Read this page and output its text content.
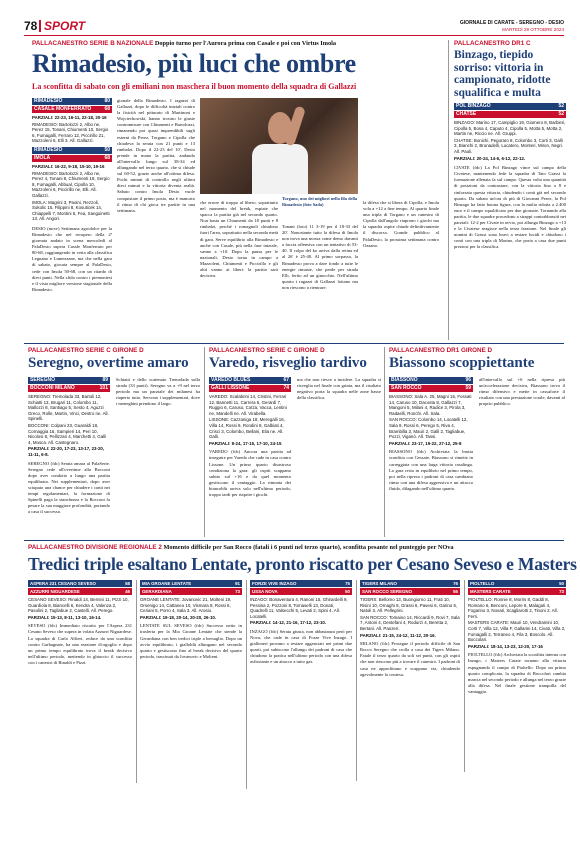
78 SPORT	GIORNALE DI CARATE - SEREGNO - DESIO
MARTEDÌ 29 OTTOBRE 2024
PALLACANESTRO SERIE B NAZIONALE Doppio turno per l'Aurora prima con Casale e poi con Virtus Imola
Rimadesio, più luci che ombre
La sconfitta di sabato con gli emiliani non maschera il buon momento della squadra di Gallazzi
RIMADESIO	80
CASALE MONFERRATO	68
PARZIALI: 22-23, 16-11, 22-18, 20-16
RIMADESIO: Bartolozzi 2, Albo ne, Perez 15, Tonani, Chiumenti 10, Sergio 6, Fumagalli, Ferraro 12, Piccirillo 21, Mazzoleni 6, Elli 3. All. Gallazzi.
RIMADESIO	50
IMOLA	68
PARZIALI: 16-22, 9-18, 15-10, 19-16
RIMADESIO: Bartolozzi 2, Albo ne, Perez 4, Tonani 8, Chiumenti 18, Sergio 8, Fumagalli, Abbual, Cipolla 10, Mazzoleni 6, Piccirillo ne, Elli. All. Gallazzi.
IMOLA: Magrini 3, Paoini, Rezzoli, Sokolic 15, Filippini 8, Kosuticek 14, Chiappelli 7, Montini 6, Fea, Sanguinetti 13. All. Angori.
DESIO (mrsv) Settimana agrodolce per la Rimadesio che nel recupero della 2ª giornata andato in scena mercoledì al PalaDesio supera Casale Monferrato per 80-68, raggiungendo in vetta alla classifica Legnano e Lumezzane, ma che nella gara di sabato, giocata sempre al PalaDesio, cede con Imola 50-68, con un ritardo di dieci punti. Nella sfida contro i piemontesi e il vista migliore versione stagionale della Rimadesio.
gionale della Rimadesio. I ragazzi di Gallazzi, dopo le difficoltà iniziali contro la fisicità nel pitturato di Martinoni e Wojciechowski, hanno trovato le giuste contromisure con Chiumenti e Bartolozzi, rimanendo poi quasi imprendibili sugli esterni da Perez, Torgano e Cipolla che chiudeva la serata con 21 punti e 13 rimbalzi. Dopo il 22-23 del 10', Desio prende in mano la partita, andando all'intervallo lungo sul 38-34 ed allungando nel terzo quarto, che si chiude sul 60-52, grazie anche all'ottima difesa. Pochi minuti di controllo negli ultimi dieci minuti e la vittoria diventa realtà. Sabato contro Imola Desio vuole conquistare il primo posto, ma è mancato il ritmo di chi gioca tre partite in una settimana.
che errore di troppo al libero, soprattutto nel momento del break, espiate che spacca la partita già nel secondo quarto. Non basta un Chiumenti da 18 punti e 8 rimbalzi, perché i romagnoli chiudono fuori l'area, soprattutto nella seconda metà di gara. Serve equilibrio alla Rimadesio e anche con Casale, più nella fase iniziale, vanno a +10. Dopo la pausa per le nazionali, Desio torna in campo a Mazzoleni, Chiumenti e Piccirillo e gli altri vanno ai liberi: la partita sarà decisiva.
Torgano, uno dei migliori nella fila della Rimadesio (foto Sada)
Tonani (foto) 11 3-19 per il 18-33 del 20'. Nonostante tutto la difesa di Imola non trova una mossa come demo davanti a faccia offensiva con un tentativo di 53-40. Il colpo del ko arriva dalla retina ed al 26' è 25-40. Al primo sorpasso, la Rimadesio prova a dare fondo a tutte le energie rimaste, che perde per strada Elli, ferito ad un ginocchio. Nell'ultimo quarto i ragazzi di Gallazzi lottano ma non riescono a rientrare.
la difesa che si libera di Cipolla, e Imola vola a +12 a fine tempo. Al quarto finale una tripla di Torgano e un canestro di Cipolla dall'angolo riaprono i giochi ma la squadra ospite chiude definitivamente il discorso. Grande pubblico al PalaDesio, la prossima settimana contro Ozzano.
PALLACANESTRO DR1 C
Binzago, tiepido sorriso: vittoria in campionato, ridotte squalifica e multa
POL BINZAGO	52
CHATSE	52
BINZAGO: Marino 17, Campiglio 19, Giomero 8, Barbieri, Cipolla 5, Bosa 4, Caputo 4, Cipolla 5, Motta 5, Motta 2, Martin ne, Riccio ne. All. Gruppi.
CHATSE: Bonichi, Pegoraro 8, Colombo 3, Corti 3, Galli 3, Bianchi 2, Brunadelli, Lucatero, Monteri, Miron, Negri. All. Paoli.
PARZIALI: 20-24, 14-6, 6-12, 22-12.
CIVATE (fdc) La Pol Binzago vince sul campo della Civatese, mantenendo fede la squadra di Tato Grassi la formazione allenata fa sul campo. Questa volta una quantità di posizioni da contrastare, con la vittoria fino a 8 e rinforzata questa vittoria, chiudendo i conti già nel secondo quarto. Da sabato un'ora di più di Giovanni Perez, la Pol Binzago ha fatto buona figura, con la multa ridotta a 2.400 euro e il campo squalificato per due giornate. Tornando alla partita, le due squadre procedono a strappi contrabbassiti nei parziali: 12-2 per Civate in avvio, poi allunga Binzago a +13 e la Civatese reagisce nella terza frazione. Nel finale gli uomini di Grassi sono bravi a restare lucidi e chiudono i conti con una tripla di Marino, che porta a casa due punti preziosi per la classifica.
PALLACANESTRO SERIE C GIRONE D
Seregno, overtime amaro
SEREGNO	89
BOCCONI MILANO	101
SEREGNO: Tremolada 33, Bartoli 12, Schiatti 13, Brugari 11, Colombo 11, Mallozzi 8, Santiago 5, Sesto 4, Aguzzi Greco, Rolle, Martin, Vinci, Destro ne. All. Spinelli.
BOCCONI: Colpani 23, Guaraldi 18, Cornaggia 16, Sampieri 14, Peri 10, Nicolosi 8, Pellizzari 4, Marchetti 4, Galli 4, Mosca. All. Castegnaro.
PARZIALI: 22-20, 17-23, 13-17, 23-20, 11-11, 6-8.
SEREGNO (fdc) Serata amara al PalaSerte. Seregno cede all'overtime alla Bocconi dopo aver condotto a lungo una partita equilibrata. Nei supplementari, dopo aver sciupato una chance per chiudere i conti nei tempi regolamentari, la formazione di Spinelli paga la stanchezza e la Bocconi fa pesare la sua maggiore profondità, portando a casa il successo.
Schiatti e dello scatenato Tremolada sulla strada (33 punti). Seregno va a +9 nel terzo periodo ma un parziale dei milanesi ha riaperto tutto. Servono i supplementari, dove i meneghini prendono il largo.
PALLACANESTRO SERIE C GIRONE D
Varedo, risveglio tardivo
VAREDO BLUES	67
GALLI LISSONE	74
VAREDO: Scalabrini 14, Cristini, Ferrari 12, Bannetti 11, Carrera 6, Gerardi 7, Ruggio 6, Caruso, Cotza, Vacca, Lentini ne, Mandelli ne. All. Virabella.
LISSONE: Cazzaniga 18, Meregalli 16, Villa 14, Rossi 9, Rondini 8, Galbiati 4, Crisci 3, Colombo, Bellani, Elia ne. All. Galli.
PARZIALI: 8-24, 17-15, 17-10, 24-15
VAREDO (fdc) Ancora una partita ad inseguire per Varedo che cade in casa contro Lissone. Un primo quarto disastroso condiziona la gara: gli ospiti scappano subito sul +16 e da quel momento gestiscono il vantaggio. La rimonta dei biancoblù arriva solo nell'ultimo periodo, troppo tardi per riaprire i giochi.
ma che non riesce a incidere. La squadra si risveglia nel finale con grinta, ma il risultato negativo porta la squadra nelle zone basse della classifica.
PALLACANESTRO DR1 GIRONE D
Biassono scoppiettante
BIASSONO	96
SAN ROCCO	59
BIASSONO: Sala A. 25, Magni 15, Fossati 14, Caruso 10, Dacosta 8, Gallazzi 7, Mangoni 5, Milani 4, Radice 3, Pirola 3, Radaelli, Ronchi. All. Sala.
SAN ROCCO: Colombo 14, Locatelli 12, Sala 9, Rossi 6, Perego 5, Riva 4, Brambilla 3, Mauri 2, Galli 2, Tagliabue, Pozzi, Viganò. All. Tassi.
PARZIALI: 23-17, 19-22, 27-12, 25-8
BIASSONO (fdc) Archiviata la brutta sconfitta con Gessate, Biassono si rimette in carreggiata con una larga vittoria casalinga. La gara resta in equilibrio nel primo tempo, poi nella ripresa i padroni di casa cambiano ritmo con una difesa aggressiva e un attacco fluido, dilagando nell'ultimo quarto.
all'intervallo sul +6 nella ripresa più un'accelerazione decisiva, Biassono trova il ritmo difensivo e mette in cassaforte il risultato con una prestazione corale, davanti al proprio pubblico.
PALLACANESTRO DIVISIONE REGIONALE 2 Momento difficile per San Rocco (fatali i 6 punti nel terzo quarto), sconfitta pesante nel punteggio per NOva
Tredici triple esaltano Lentate, pronto riscatto per Cesano Seveso e Masters
ASPERA 231 CESANO SEVESO	58
AZZURRI NIGUARDESE	46
CESANO SEVESO: Rinaldi 14, Bernini 11, Pizzi 10, Guardiola 8, Biancelli 6, Kendra 4, Valenza 2, Pasolini 2, Tagliabue 2, Castelli. All. Perego.
PARZIALI: 15-13, 8-11, 13-10, 16-14.
SEVESO (fdc) Immediato riscatto per l'Aspera 231 Cesano Seveso che supera in volata Azzurri Niguardese. La squadra di Carlo Alfieri, reduce da una sconfitta contro Garbagnate, ha una reazione d'orgoglio e dopo un primo tempo equilibrato trova il break decisivo nell'ultimo periodo, mettendo in ghiaccio il successo con i canestri di Rinaldi e Pizzi.
MIA GROANE LENTATE	91
GERARDIANA	73
GROANE LENTATE: Jovanovic 21, Molteni 19, Orsenigo 14, Cattaneo 10, Vismara 9, Rossi 6, Ceriani 5, Porro 4, Sala 3. All. Arosio.
PARZIALI: 19-18, 20-14, 20-20, 26-10.
LENTATE SUL SEVESO (fdc) Successo netto in trasferta per la Mia Groane Lentate che stende la Gerardiana con ben tredici triple a bersaglio. Dopo un avvio equilibrato, i gialloblù allungano nel secondo quarto e gestiscono fino al break decisivo del quarto periodo, trascinati da Jovanovic e Molteni.
FORZE VIVE INZAGO	75
USSA NOVA	50
INZAGO: Bonaventura 4, Ranoni 15, Ghirardelli 9, Pessina 2, Pozzoni 8, Tomaselli 13, Donati, Quadrelli 11, Valsecchi 5, Levati 2, Spini 4. All. Locatelli.
PARZIALI: 14-12, 21-16, 17-12, 23-10.
INZAGO (fdc) Serata giusta, non abbastanza però per Nova, che cade in casa di Forze Vive Inzago. I gialloneri provano a restare agganciati nei primi due quarti, poi subiscono l'allungo dei padroni di casa che chiudono la pratica nell'ultimo periodo con una difesa asfissiante e un attacco a tutto gas.
TIGERS MILANO	76
SAN ROCCO SEREGNO	55
TIGERS: Bellomo 13, Buongiorno 11, Frati 10, Risini 10, Ornaghi 8, Grassi 6, Pavesi 6, Garino 5, Natoli 3. All. Pellegrini.
SAN ROCCO: Tomaino 14, Riccardi 9, Rovi 7, Sala 7, Antoni 4, Destefani 4, Rodurzi 4, Beretta 2, Bertani. All. Panzeri.
PARZIALI: 21-15, 24-12, 11-12, 20-16.
MILANO (fdc) Prosegue il periodo difficile di San Rocco Seregno che crolla a casa dei Tigers Milano. Fatale il terzo quarto da soli sei punti, con gli ospiti che non riescono più a trovare il canestro. I padroni di casa ne approfittano e scappano via, chiudendo agevolmente la contesa.
PIOLTELLO	50
MASTERS CARATE	73
PIOLTELLO: Ronnie 8, Morris 8, Gaddi 8, Romano 6, Benconi, Lepore 6, Malaguti 4, Fogarino 3, Novati, Scagliarotti 2, Tinoni 2. All. Ferri.
MASTERS CARATE: Mauri 10, Vendramini 10, Corti 7, Villa 12, Villa F, Gallarini 14, Civati, Villa 2, Fumagalli 2, Terraneo 4, Fila 3, Boscolo. All. Boccolari.
PARZIALI: 18-14, 13-23, 12-20, 17-16
PIOLTELLO (fdc) Archiviata la sconfitta interna con Inzago, i Masters Carate tornano alla vittoria espugnando il campo di Pioltello. Dopo un primo quarto complicato, la squadra di Boccolari cambia marcia nel secondo periodo e allunga nel terzo grazie alla difesa. Nel finale gestione tranquilla del vantaggio.
